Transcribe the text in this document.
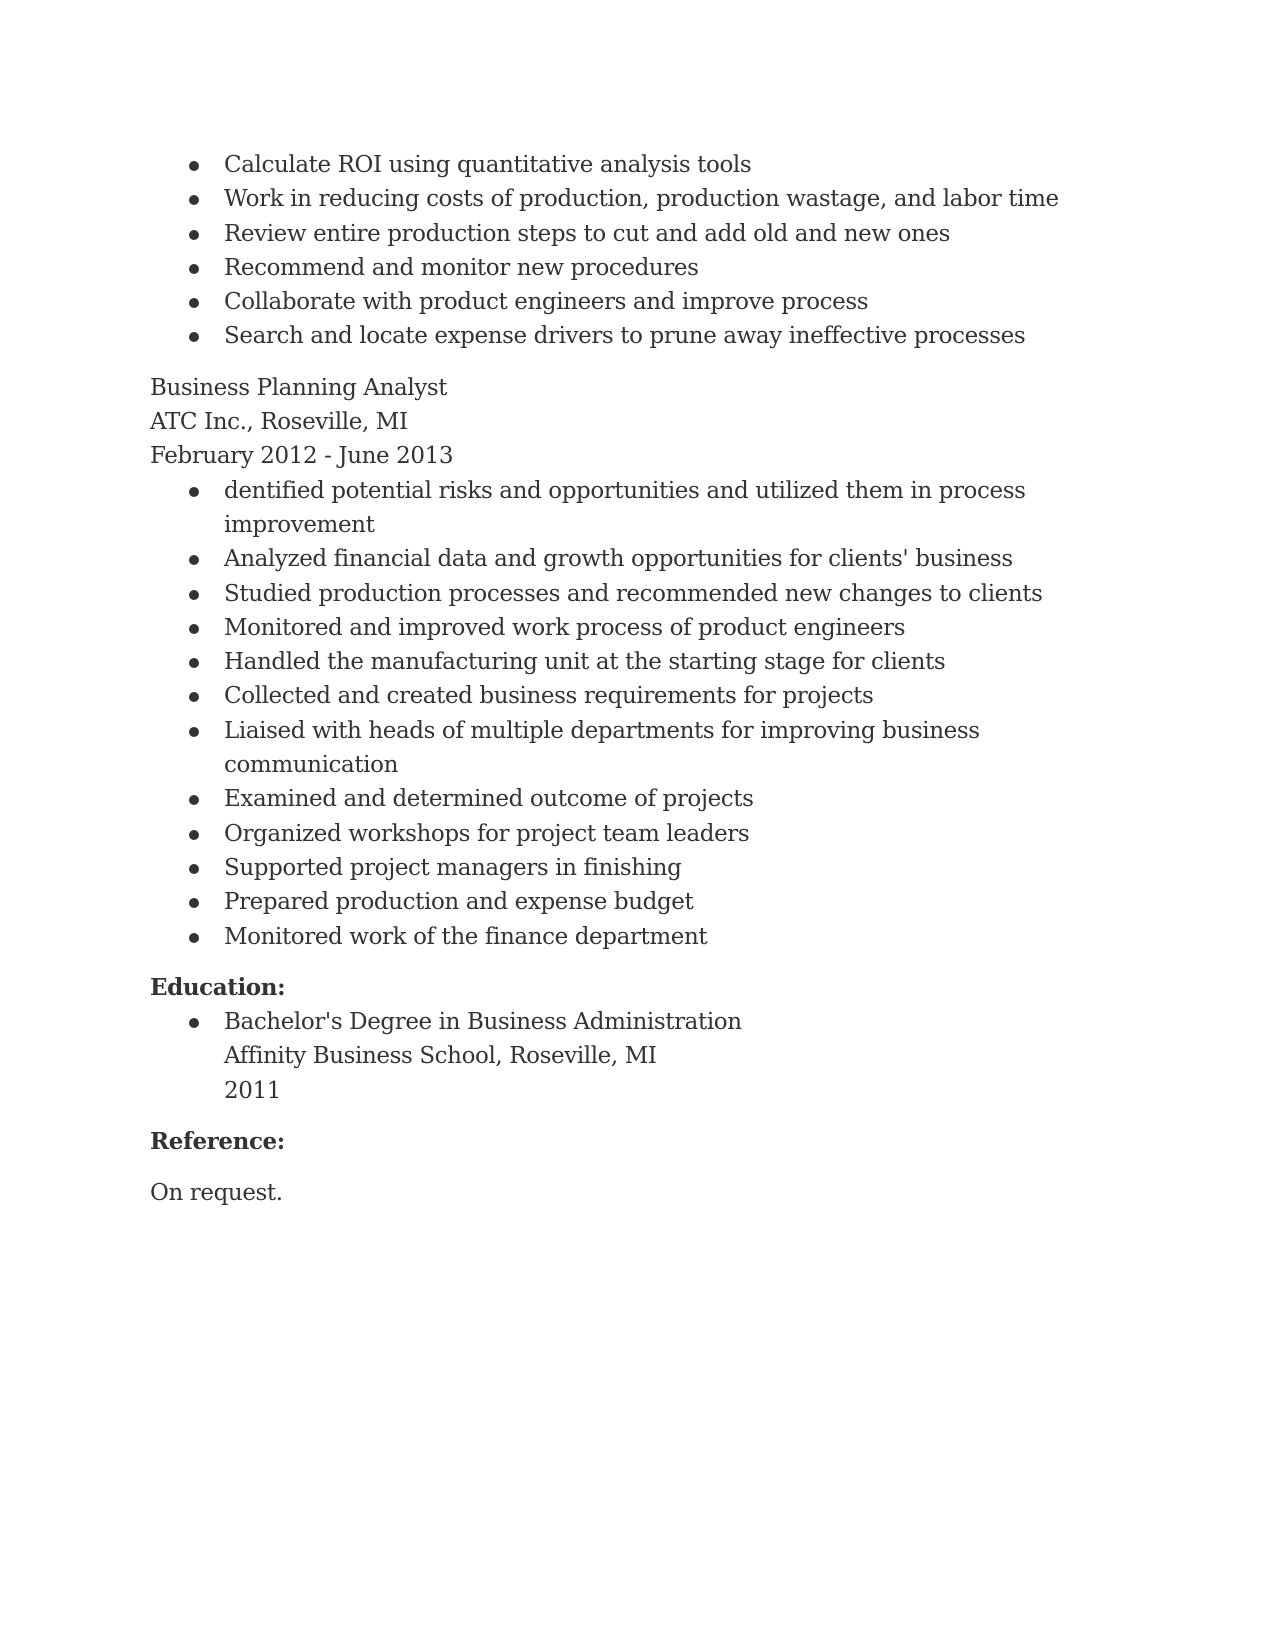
Calculate ROI using quantitative analysis tools
Work in reducing costs of production, production wastage, and labor time
Review entire production steps to cut and add old and new ones
Recommend and monitor new procedures
Collaborate with product engineers and improve process
Search and locate expense drivers to prune away ineffective processes
Business Planning Analyst
ATC Inc., Roseville, MI
February 2012 - June 2013
dentified potential risks and opportunities and utilized them in process improvement
Analyzed financial data and growth opportunities for clients' business
Studied production processes and recommended new changes to clients
Monitored and improved work process of product engineers
Handled the manufacturing unit at the starting stage for clients
Collected and created business requirements for projects
Liaised with heads of multiple departments for improving business communication
Examined and determined outcome of projects
Organized workshops for project team leaders
Supported project managers in finishing
Prepared production and expense budget
Monitored work of the finance department
Education:
Bachelor's Degree in Business Administration
Affinity Business School, Roseville, MI
2011
Reference:
On request.
